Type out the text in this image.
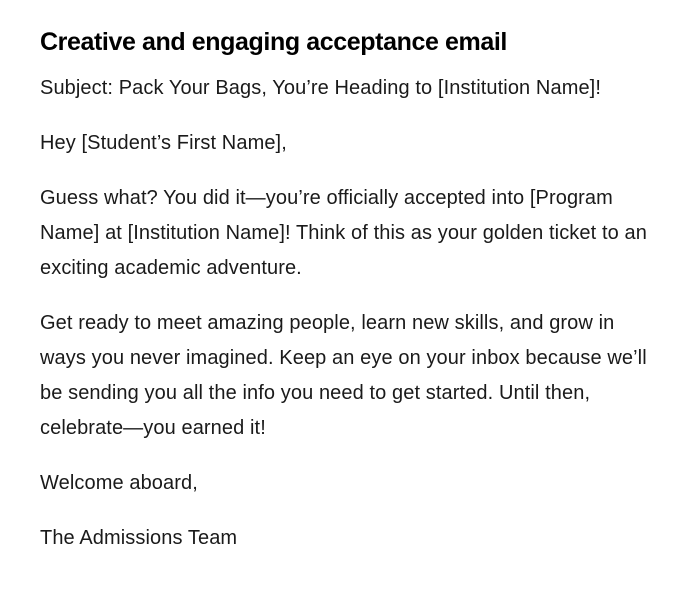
Creative and engaging acceptance email

Subject: Pack Your Bags, You’re Heading to [Institution Name]!

Hey [Student’s First Name],

Guess what? You did it—you’re officially accepted into [Program Name] at [Institution Name]! Think of this as your golden ticket to an exciting academic adventure.

Get ready to meet amazing people, learn new skills, and grow in ways you never imagined. Keep an eye on your inbox because we’ll be sending you all the info you need to get started. Until then, celebrate—you earned it!

Welcome aboard,

The Admissions Team
